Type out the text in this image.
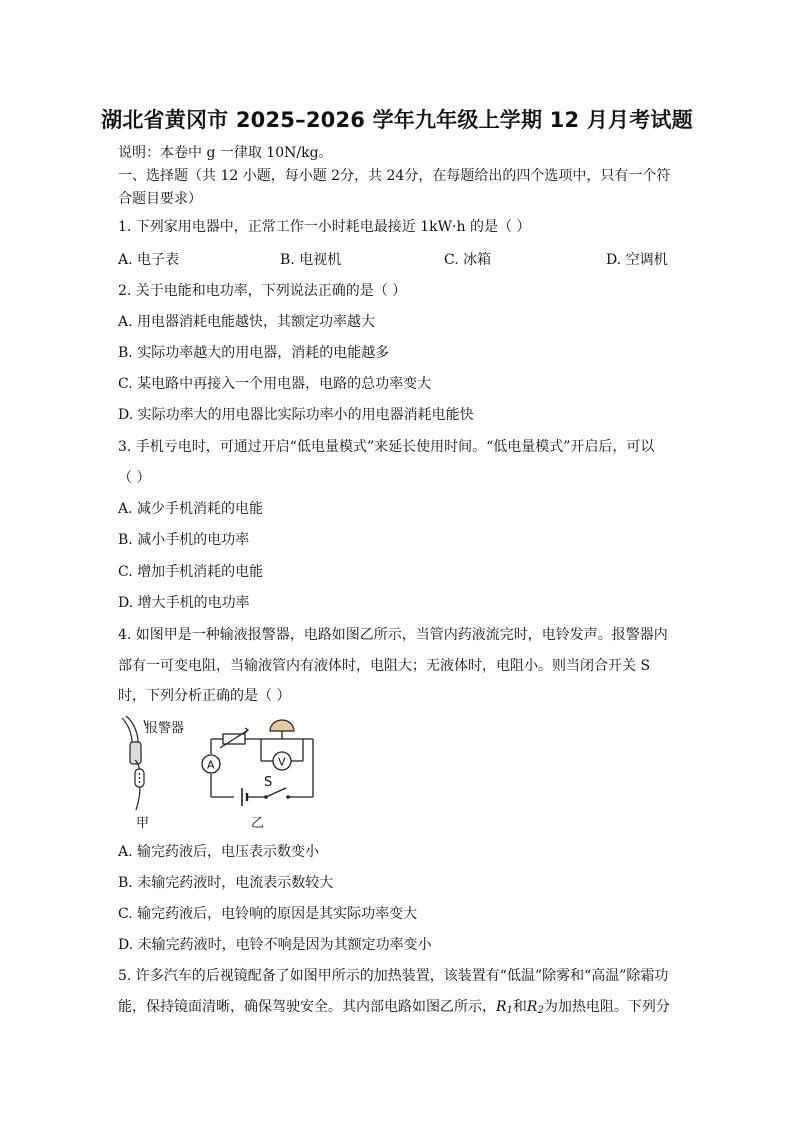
湖北省黄冈市 2025–2026 学年九年级上学期 12 月月考试题
说明：本卷中 g 一律取 10N/kg。
一、选择题（共 12 小题，每小题 2分，共 24分，在每题给出的四个选项中，只有一个符
合题目要求）
1. 下列家用电器中，正常工作一小时耗电最接近 1kW·h 的是（ ）
A. 电子表	B. 电视机	C. 冰箱	D. 空调机
2. 关于电能和电功率，下列说法正确的是（ ）
A. 用电器消耗电能越快，其额定功率越大
B. 实际功率越大的用电器，消耗的电能越多
C. 某电路中再接入一个用电器，电路的总功率变大
D. 实际功率大的用电器比实际功率小的用电器消耗电能快
3. 手机亏电时，可通过开启“低电量模式”来延长使用时间。“低电量模式”开启后，可以
（ ）
A. 减少手机消耗的电能
B. 减小手机的电功率
C. 增加手机消耗的电能
D. 增大手机的电功率
4. 如图甲是一种输液报警器，电路如图乙所示，当管内药液流完时，电铃发声。报警器内
部有一可变电阻，当输液管内有液体时，电阻大；无液体时，电阻小。则当闭合开关 S
时，下列分析正确的是（ ）
报警器
甲
A	V
S
乙
A. 输完药液后，电压表示数变小
B. 未输完药液时，电流表示数较大
C. 输完药液后，电铃响的原因是其实际功率变大
D. 未输完药液时，电铃不响是因为其额定功率变小
5. 许多汽车的后视镜配备了如图甲所示的加热装置，该装置有“低温”除雾和“高温”除霜功
能，保持镜面清晰，确保驾驶安全。其内部电路如图乙所示，$R_1$和$R_2$为加热电阻。下列分
